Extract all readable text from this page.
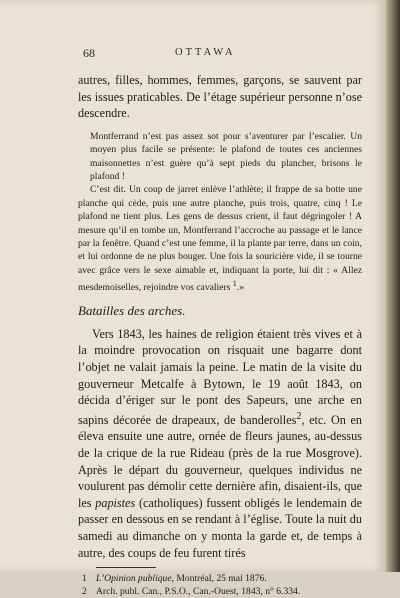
68	OTTAWA

autres, filles, hommes, femmes, garçons, se sauvent par les issues praticables. De l’étage supérieur personne n’ose descendre.

Montferrand n’est pas assez sot pour s’aventurer par l’escalier. Un moyen plus facile se présente: le plafond de toutes ces anciennes maisonnettes n’est guère qu’à sept pieds du plancher, brisons le plafond !

C’est dit. Un coup de jarret enlève l’athlète; il frappe de sa botte une planche qui cède, puis une autre planche, puis trois, quatre, cinq ! Le plafond ne tient plus. Les gens de dessus crient, il faut dégringoler ! A mesure qu’il en tombe un, Montferrand l’accroche au passage et le lance par la fenêtre. Quand c’est une femme, il la plante par terre, dans un coin, et lui ordonne de ne plus bouger. Une fois la souricière vide, il se tourne avec grâce vers le sexe aimable et, indiquant la porte, lui dit : « Allez mesdemoiselles, rejoindre vos cavaliers $^1$.»

Batailles des arches.

Vers 1843, les haines de religion étaient très vives et à la moindre provocation on risquait une bagarre dont l’objet ne valait jamais la peine. Le matin de la visite du gouverneur Metcalfe à Bytown, le 19 août 1843, on décida d’ériger sur le pont des Sapeurs, une arche en sapins décorée de drapeaux, de banderolles$^2$, etc. On en éleva ensuite une autre, ornée de fleurs jaunes, au-dessus de la crique de la rue Rideau (près de la rue Mosgrove). Après le départ du gouverneur, quelques individus ne voulurent pas démolir cette dernière afin, disaient-ils, que les papistes (catholiques) fussent obligés le lendemain de passer en dessous en se rendant à l’église. Toute la nuit du samedi au dimanche on y monta la garde et, de temps à autre, des coups de feu furent tirés

1 L’Opinion publique, Montréal, 25 mai 1876.
2 Arch. publ. Can., P.S.O., Can.-Ouest, 1843, n° 6.334.
